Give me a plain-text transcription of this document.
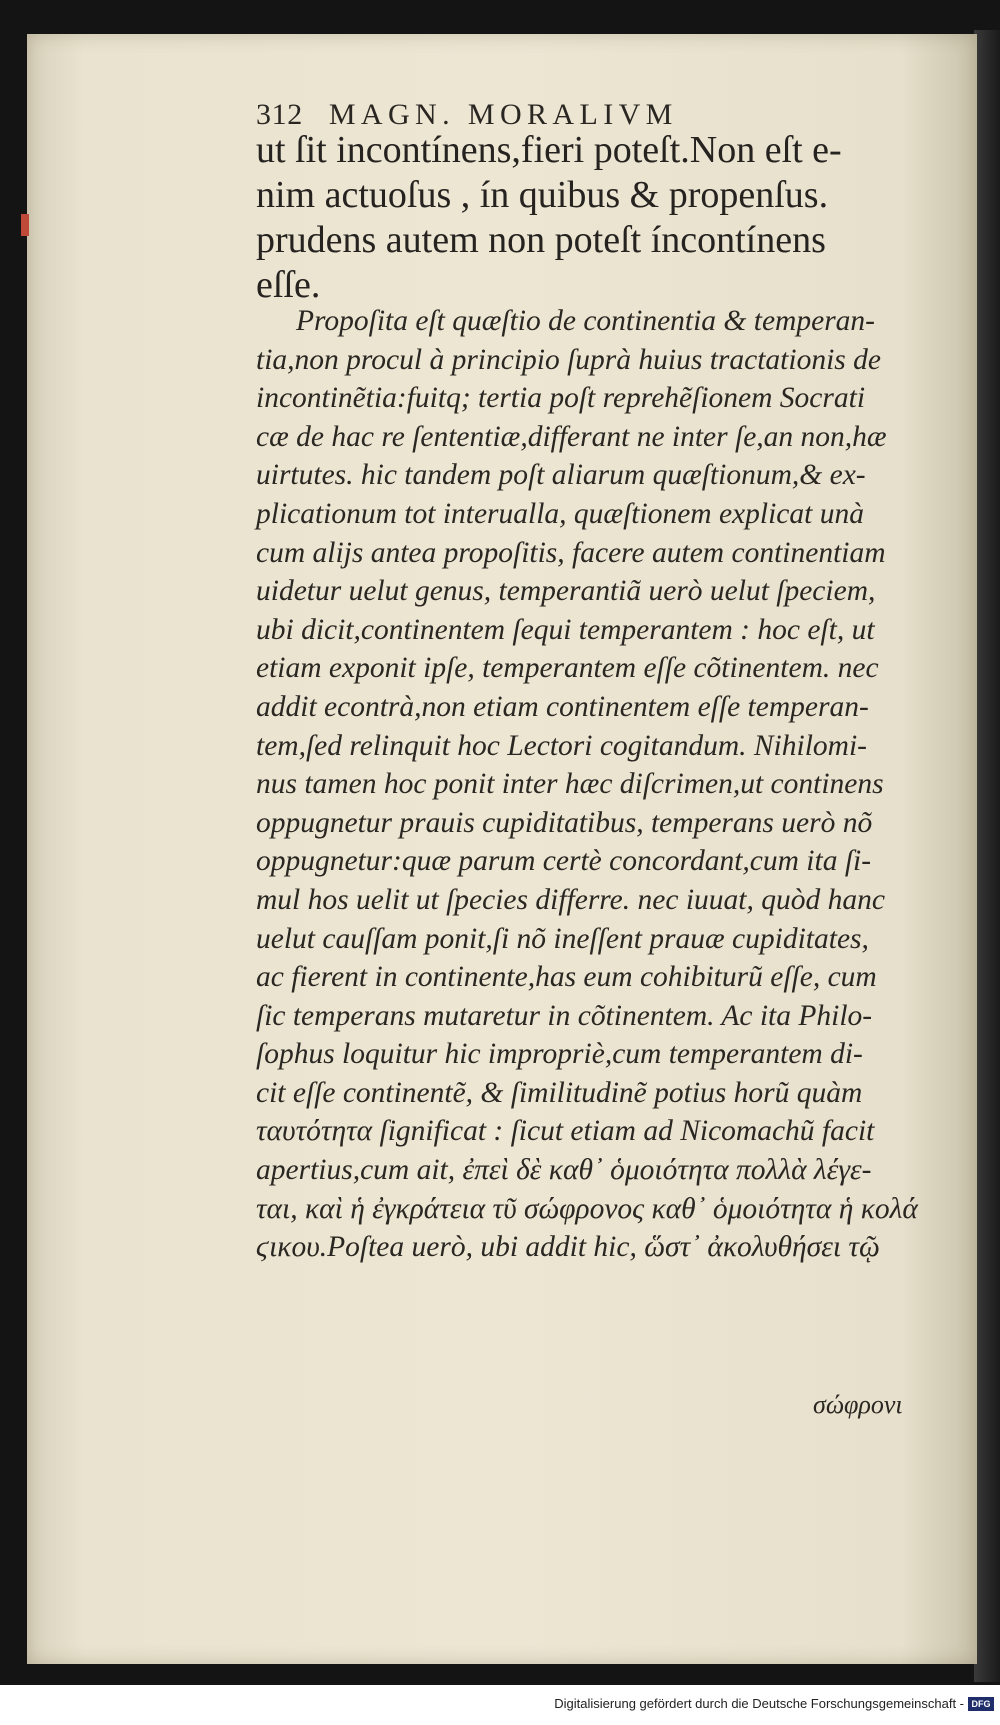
312 MAGN. MORALIVM
ut ſit incontínens,fieri poteſt.Non eſt e-
nim actuoſus , ín quibus & propenſus.
prudens autem non poteſt íncontínens
eſſe.
Propoſita eſt quæſtio de continentia & temperan-
tia,non procul à principio ſuprà huius tractationis de
incontinẽtia:fuitq; tertia poſt reprehẽſionem Socrati
cæ de hac re ſententiæ,differant ne inter ſe,an non,hæ
uirtutes. hic tandem poſt aliarum quæſtionum,& ex-
plicationum tot interualla, quæſtionem explicat unà
cum alijs antea propoſitis, facere autem continentiam
uidetur uelut genus, temperantiã uerò uelut ſpeciem,
ubi dicit,continentem ſequi temperantem : hoc eſt, ut
etiam exponit ipſe, temperantem eſſe cõtinentem. nec
addit econtrà,non etiam continentem eſſe temperan-
tem,ſed relinquit hoc Lectori cogitandum. Nihilomi-
nus tamen hoc ponit inter hæc diſcrimen,ut continens
oppugnetur prauis cupiditatibus, temperans uerò nõ
oppugnetur:quæ parum certè concordant,cum ita ſi-
mul hos uelit ut ſpecies differre. nec iuuat, quòd hanc
uelut cauſſam ponit,ſi nõ ineſſent prauæ cupiditates,
ac fierent in continente,has eum cohibiturũ eſſe, cum
ſic temperans mutaretur in cõtinentem. Ac ita Philo-
ſophus loquitur hic impropriè,cum temperantem di-
cit eſſe continentẽ, & ſimilitudinẽ potius horũ quàm
ταυτότητα ſignificat : ſicut etiam ad Nicomachũ facit
apertius,cum ait, ἐπεὶ δὲ καθ᾽ ὁμοιότητα πολλὰ λέγε-
ται, καὶ ἡ ἐγκράτεια τῦ σώφρονος καθ᾽ ὁμοιότητα ἡ κολά
ϛικου.Poſtea uerò, ubi addit hic, ὥστ᾽ ἀκολυθήσει τῷ
σώφρονι
Digitalisierung gefördert durch die Deutsche Forschungsgemeinschaft - DFG
